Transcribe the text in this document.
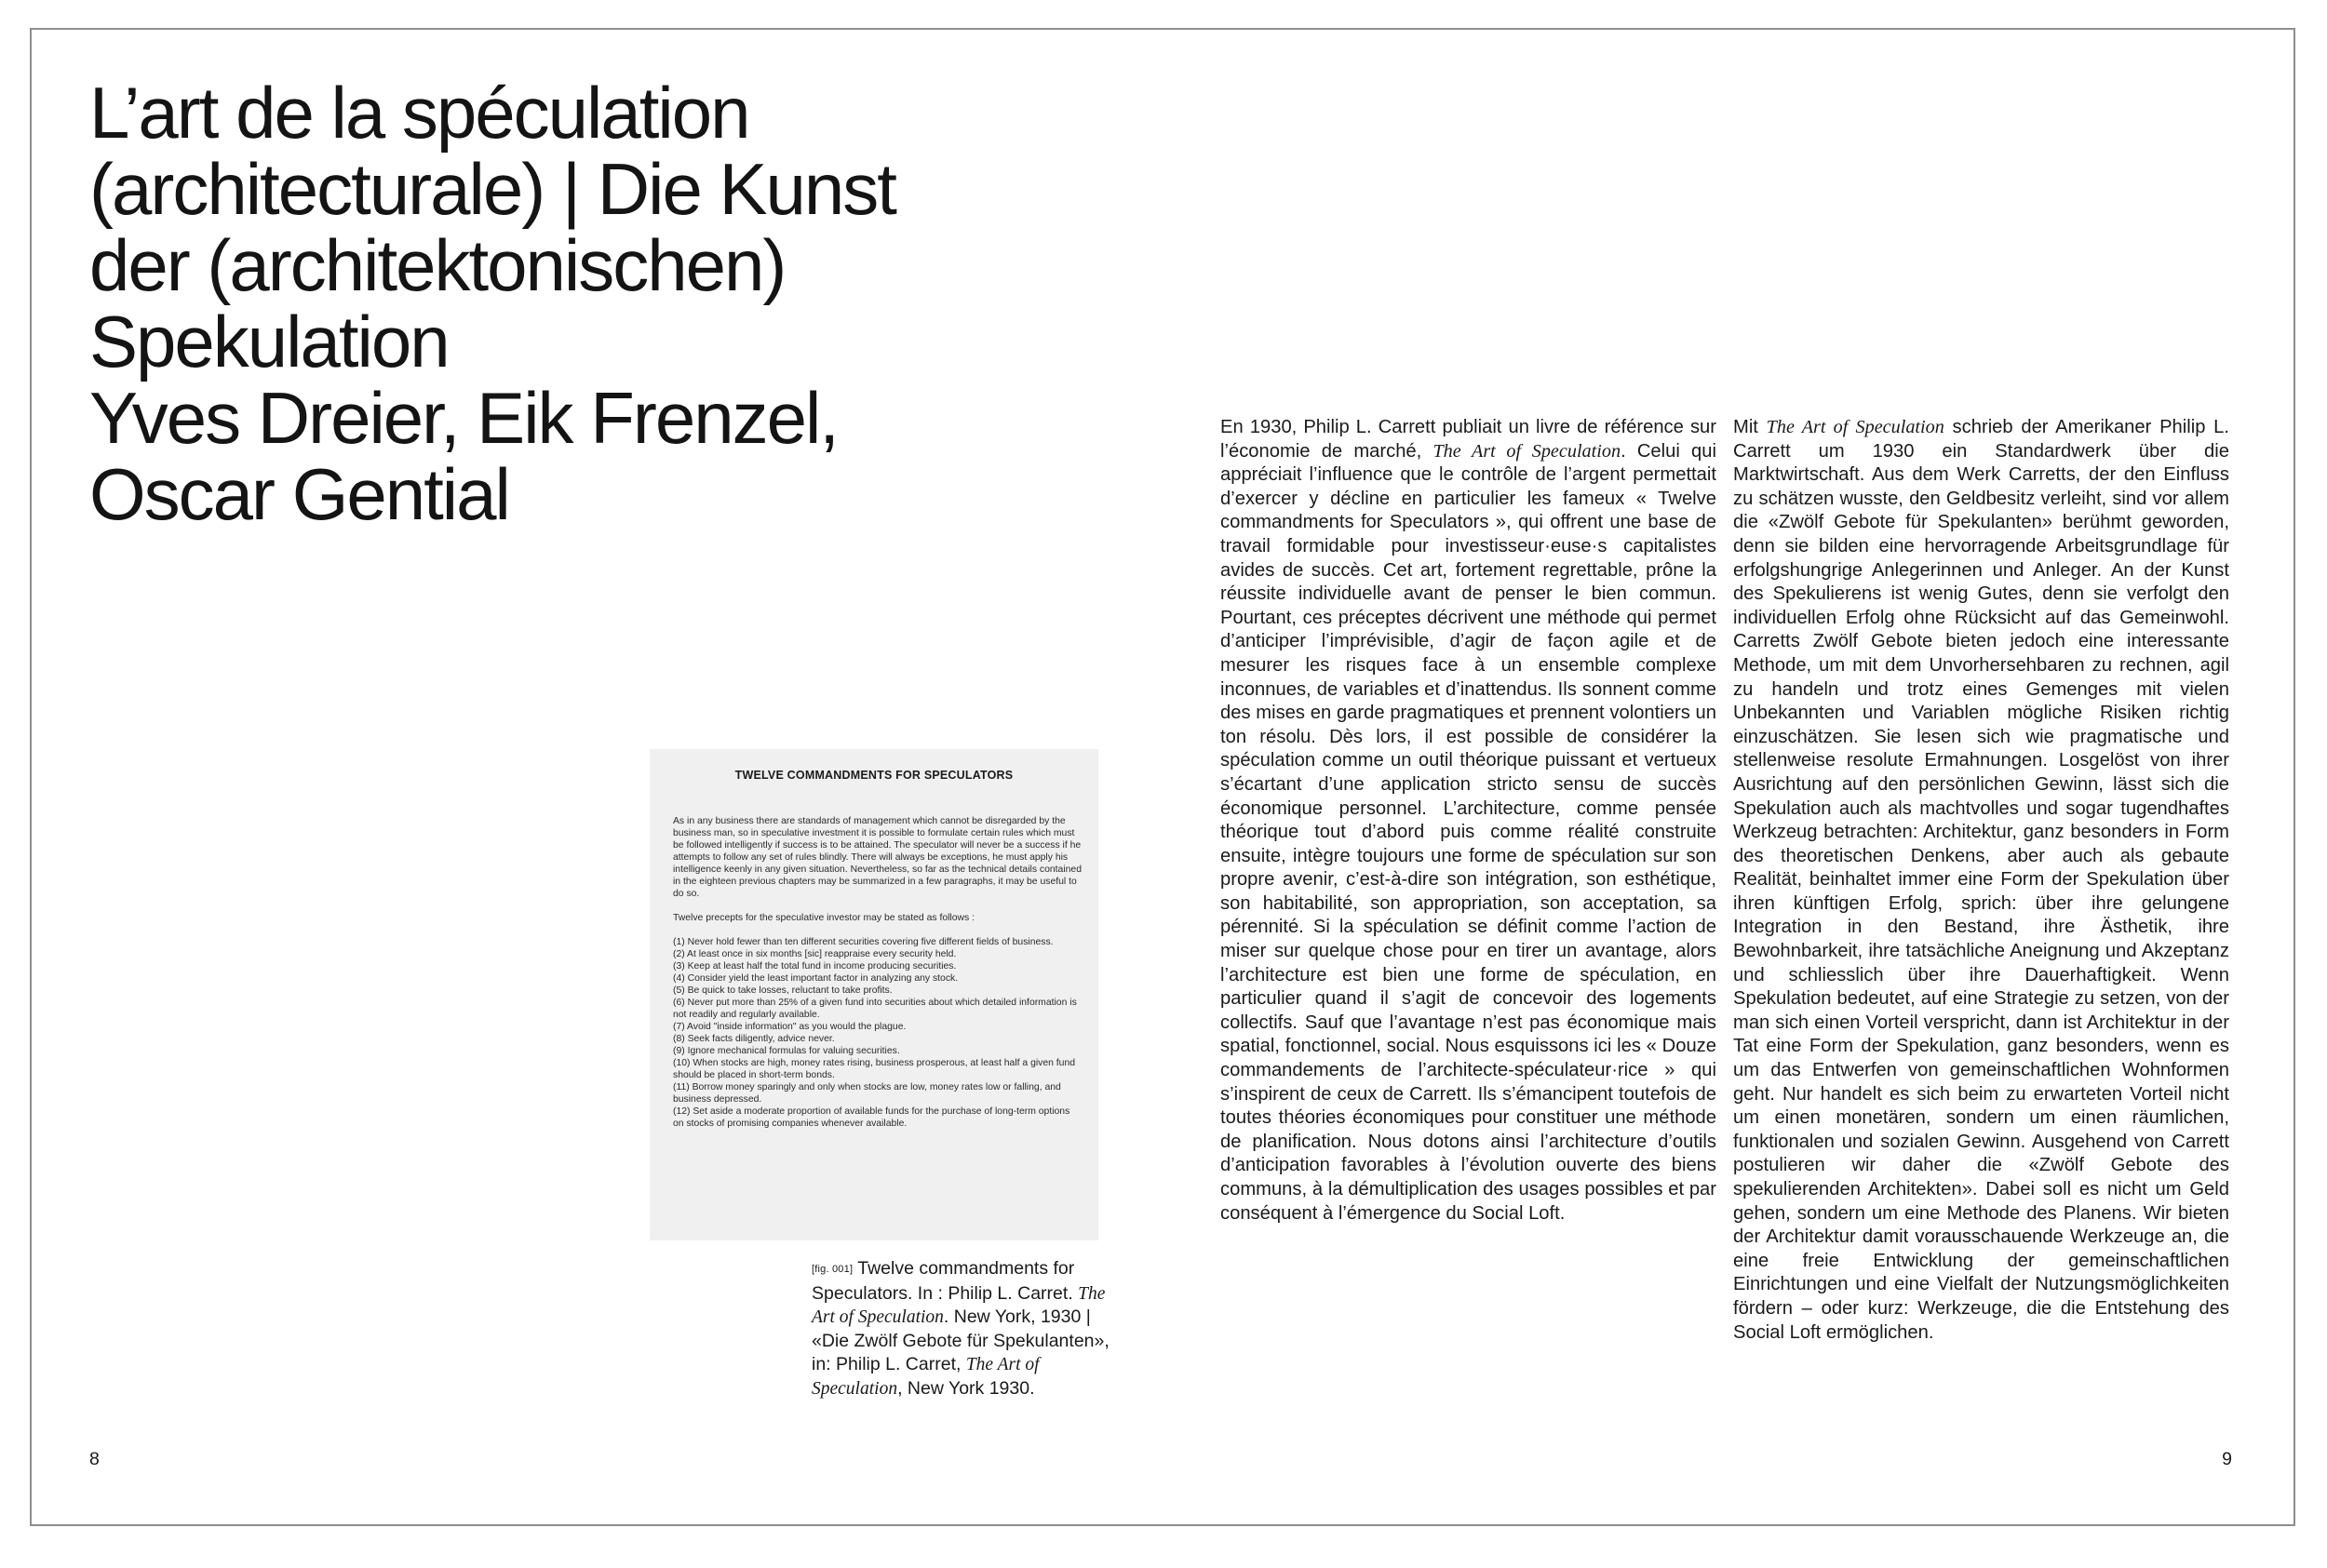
L’art de la spéculation
(architecturale) | Die Kunst
der (architektonischen)
Spekulation
Yves Dreier, Eik Frenzel,
Oscar Gential
TWELVE COMMANDMENTS FOR SPECULATORS

As in any business there are standards of management which cannot be disregarded by the business man, so in speculative investment it is possible to formulate certain rules which must be followed intelligently if success is to be attained. The speculator will never be a success if he attempts to follow any set of rules blindly. There will always be exceptions, he must apply his intelligence keenly in any given situation. Nevertheless, so far as the technical details contained in the eighteen previous chapters may be summarized in a few paragraphs, it may be useful to do so.

Twelve precepts for the speculative investor may be stated as follows :

(1) Never hold fewer than ten different securities covering five different fields of business.
(2) At least once in six months [sic] reappraise every security held.
(3) Keep at least half the total fund in income producing securities.
(4) Consider yield the least important factor in analyzing any stock.
(5) Be quick to take losses, reluctant to take profits.
(6) Never put more than 25% of a given fund into securities about which detailed information is not readily and regularly available.
(7) Avoid "inside information" as you would the plague.
(8) Seek facts diligently, advice never.
(9) Ignore mechanical formulas for valuing securities.
(10) When stocks are high, money rates rising, business prosperous, at least half a given fund should be placed in short-term bonds.
(11) Borrow money sparingly and only when stocks are low, money rates low or falling, and business depressed.
(12) Set aside a moderate proportion of available funds for the purchase of long-term options on stocks of promising companies whenever available.
[fig. 001] Twelve commandments for Speculators. In : Philip L. Carret. The Art of Speculation. New York, 1930 | «Die Zwölf Gebote für Spekulanten», in: Philip L. Carret, The Art of Speculation, New York 1930.

En 1930, Philip L. Carrett publiait un livre de référence sur l’économie de marché, The Art of Speculation. Celui qui appréciait l’influence que le contrôle de l’argent permettait d’exercer y décline en particulier les fameux « Twelve commandments for Speculators », qui offrent une base de travail formidable pour investisseur·euse·s capitalistes avides de succès. Cet art, fortement regrettable, prône la réussite individuelle avant de penser le bien commun. Pourtant, ces préceptes décrivent une méthode qui permet d’anticiper l’imprévisible, d’agir de façon agile et de mesurer les risques face à un ensemble complexe inconnues, de variables et d’inattendus. Ils sonnent comme des mises en garde pragmatiques et prennent volontiers un ton résolu. Dès lors, il est possible de considérer la spéculation comme un outil théorique puissant et vertueux s’écartant d’une application stricto sensu de succès économique personnel. L’architecture, comme pensée théorique tout d’abord puis comme réalité construite ensuite, intègre toujours une forme de spéculation sur son propre avenir, c’est-à-dire son intégration, son esthétique, son habitabilité, son appropriation, son acceptation, sa pérennité. Si la spéculation se définit comme l’action de miser sur quelque chose pour en tirer un avantage, alors l’architecture est bien une forme de spéculation, en particulier quand il s’agit de concevoir des logements collectifs. Sauf que l’avantage n’est pas économique mais spatial, fonctionnel, social. Nous esquissons ici les « Douze commandements de l’architecte-spéculateur·rice » qui s’inspirent de ceux de Carrett. Ils s’émancipent toutefois de toutes théories économiques pour constituer une méthode de planification. Nous dotons ainsi l’architecture d’outils d’anticipation favorables à l’évolution ouverte des biens communs, à la démultiplication des usages possibles et par conséquent à l’émergence du Social Loft.

Mit The Art of Speculation schrieb der Amerikaner Philip L. Carrett um 1930 ein Standardwerk über die Marktwirtschaft. Aus dem Werk Carretts, der den Einfluss zu schätzen wusste, den Geldbesitz verleiht, sind vor allem die «Zwölf Gebote für Spekulanten» berühmt geworden, denn sie bilden eine hervorragende Arbeitsgrundlage für erfolgshungrige Anlegerinnen und Anleger. An der Kunst des Spekulierens ist wenig Gutes, denn sie verfolgt den individuellen Erfolg ohne Rücksicht auf das Gemeinwohl. Carretts Zwölf Gebote bieten jedoch eine interessante Methode, um mit dem Unvorhersehbaren zu rechnen, agil zu handeln und trotz eines Gemenges mit vielen Unbekannten und Variablen mögliche Risiken richtig einzuschätzen. Sie lesen sich wie pragmatische und stellenweise resolute Ermahnungen. Losgelöst von ihrer Ausrichtung auf den persönlichen Gewinn, lässt sich die Spekulation auch als machtvolles und sogar tugendhaftes Werkzeug betrachten: Architektur, ganz besonders in Form des theoretischen Denkens, aber auch als gebaute Realität, beinhaltet immer eine Form der Spekulation über ihren künftigen Erfolg, sprich: über ihre gelungene Integration in den Bestand, ihre Ästhetik, ihre Bewohnbarkeit, ihre tatsächliche Aneignung und Akzeptanz und schliesslich über ihre Dauerhaftigkeit. Wenn Spekulation bedeutet, auf eine Strategie zu setzen, von der man sich einen Vorteil verspricht, dann ist Architektur in der Tat eine Form der Spekulation, ganz besonders, wenn es um das Entwerfen von gemeinschaftlichen Wohnformen geht. Nur handelt es sich beim zu erwarteten Vorteil nicht um einen monetären, sondern um einen räumlichen, funktionalen und sozialen Gewinn. Ausgehend von Carrett postulieren wir daher die «Zwölf Gebote des spekulierenden Architekten». Dabei soll es nicht um Geld gehen, sondern um eine Methode des Planens. Wir bieten der Architektur damit vorausschauende Werkzeuge an, die eine freie Entwicklung der gemeinschaftlichen Einrichtungen und eine Vielfalt der Nutzungsmöglichkeiten fördern – oder kurz: Werkzeuge, die die Entstehung des Social Loft ermöglichen.

8	9
